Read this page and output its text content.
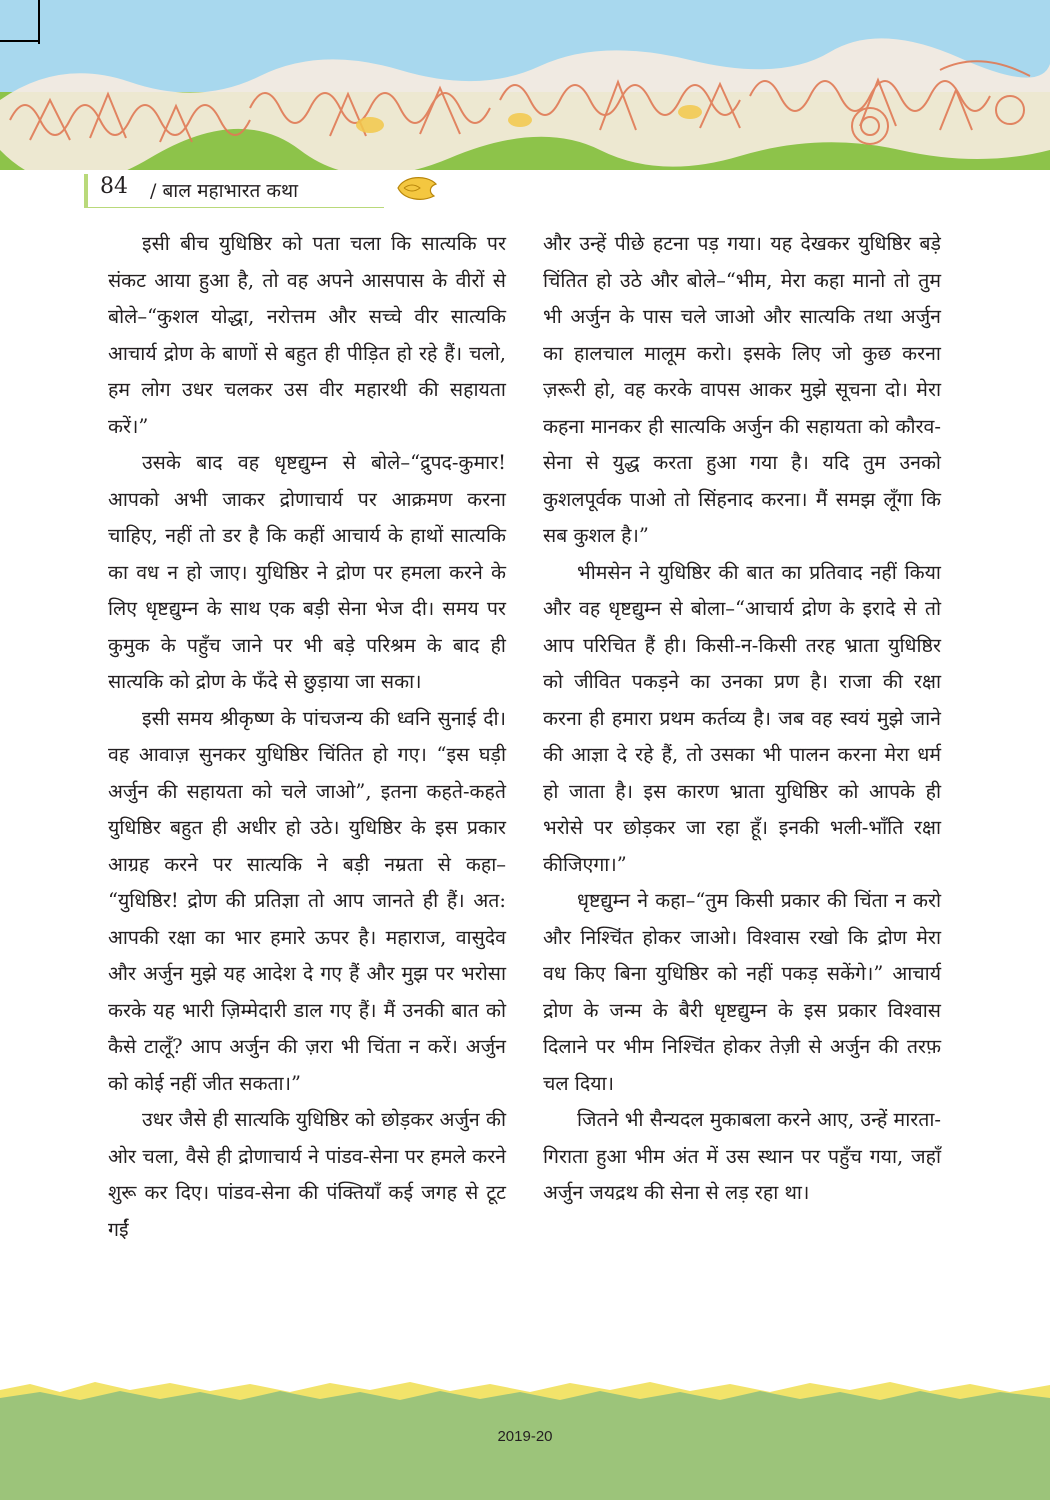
84 / बाल महाभारत कथा

इसी बीच युधिष्ठिर को पता चला कि सात्यकि पर संकट आया हुआ है, तो वह अपने आसपास के वीरों से बोले–“कुशल योद्धा, नरोत्तम और सच्चे वीर सात्यकि आचार्य द्रोण के बाणों से बहुत ही पीड़ित हो रहे हैं। चलो, हम लोग उधर चलकर उस वीर महारथी की सहायता करें।”

उसके बाद वह धृष्टद्युम्न से बोले–“द्रुपद-कुमार! आपको अभी जाकर द्रोणाचार्य पर आक्रमण करना चाहिए, नहीं तो डर है कि कहीं आचार्य के हाथों सात्यकि का वध न हो जाए। युधिष्ठिर ने द्रोण पर हमला करने के लिए धृष्टद्युम्न के साथ एक बड़ी सेना भेज दी। समय पर कुमुक के पहुँच जाने पर भी बड़े परिश्रम के बाद ही सात्यकि को द्रोण के फँदे से छुड़ाया जा सका।

इसी समय श्रीकृष्ण के पांचजन्य की ध्वनि सुनाई दी। वह आवाज़ सुनकर युधिष्ठिर चिंतित हो गए। “इस घड़ी अर्जुन की सहायता को चले जाओ”, इतना कहते-कहते युधिष्ठिर बहुत ही अधीर हो उठे। युधिष्ठिर के इस प्रकार आग्रह करने पर सात्यकि ने बड़ी नम्रता से कहा– “युधिष्ठिर! द्रोण की प्रतिज्ञा तो आप जानते ही हैं। अत: आपकी रक्षा का भार हमारे ऊपर है। महाराज, वासुदेव और अर्जुन मुझे यह आदेश दे गए हैं और मुझ पर भरोसा करके यह भारी ज़िम्मेदारी डाल गए हैं। मैं उनकी बात को कैसे टालूँ? आप अर्जुन की ज़रा भी चिंता न करें। अर्जुन को कोई नहीं जीत सकता।”

उधर जैसे ही सात्यकि युधिष्ठिर को छोड़कर अर्जुन की ओर चला, वैसे ही द्रोणाचार्य ने पांडव-सेना पर हमले करने शुरू कर दिए। पांडव-सेना की पंक्तियाँ कई जगह से टूट गईं

और उन्हें पीछे हटना पड़ गया। यह देखकर युधिष्ठिर बड़े चिंतित हो उठे और बोले–“भीम, मेरा कहा मानो तो तुम भी अर्जुन के पास चले जाओ और सात्यकि तथा अर्जुन का हालचाल मालूम करो। इसके लिए जो कुछ करना ज़रूरी हो, वह करके वापस आकर मुझे सूचना दो। मेरा कहना मानकर ही सात्यकि अर्जुन की सहायता को कौरव-सेना से युद्ध करता हुआ गया है। यदि तुम उनको कुशलपूर्वक पाओ तो सिंहनाद करना। मैं समझ लूँगा कि सब कुशल है।”

भीमसेन ने युधिष्ठिर की बात का प्रतिवाद नहीं किया और वह धृष्टद्युम्न से बोला–“आचार्य द्रोण के इरादे से तो आप परिचित हैं ही। किसी-न-किसी तरह भ्राता युधिष्ठिर को जीवित पकड़ने का उनका प्रण है। राजा की रक्षा करना ही हमारा प्रथम कर्तव्य है। जब वह स्वयं मुझे जाने की आज्ञा दे रहे हैं, तो उसका भी पालन करना मेरा धर्म हो जाता है। इस कारण भ्राता युधिष्ठिर को आपके ही भरोसे पर छोड़कर जा रहा हूँ। इनकी भली-भाँति रक्षा कीजिएगा।”

धृष्टद्युम्न ने कहा–“तुम किसी प्रकार की चिंता न करो और निश्‍चिंत होकर जाओ। विश्‍वास रखो कि द्रोण मेरा वध किए बिना युधिष्ठिर को नहीं पकड़ सकेंगे।” आचार्य द्रोण के जन्म के बैरी धृष्टद्युम्न के इस प्रकार विश्‍वास दिलाने पर भीम निश्‍चिंत होकर तेज़ी से अर्जुन की तरफ़ चल दिया।

जितने भी सैन्यदल मुकाबला करने आए, उन्हें मारता-गिराता हुआ भीम अंत में उस स्थान पर पहुँच गया, जहाँ अर्जुन जयद्रथ की सेना से लड़ रहा था।

2019-20
